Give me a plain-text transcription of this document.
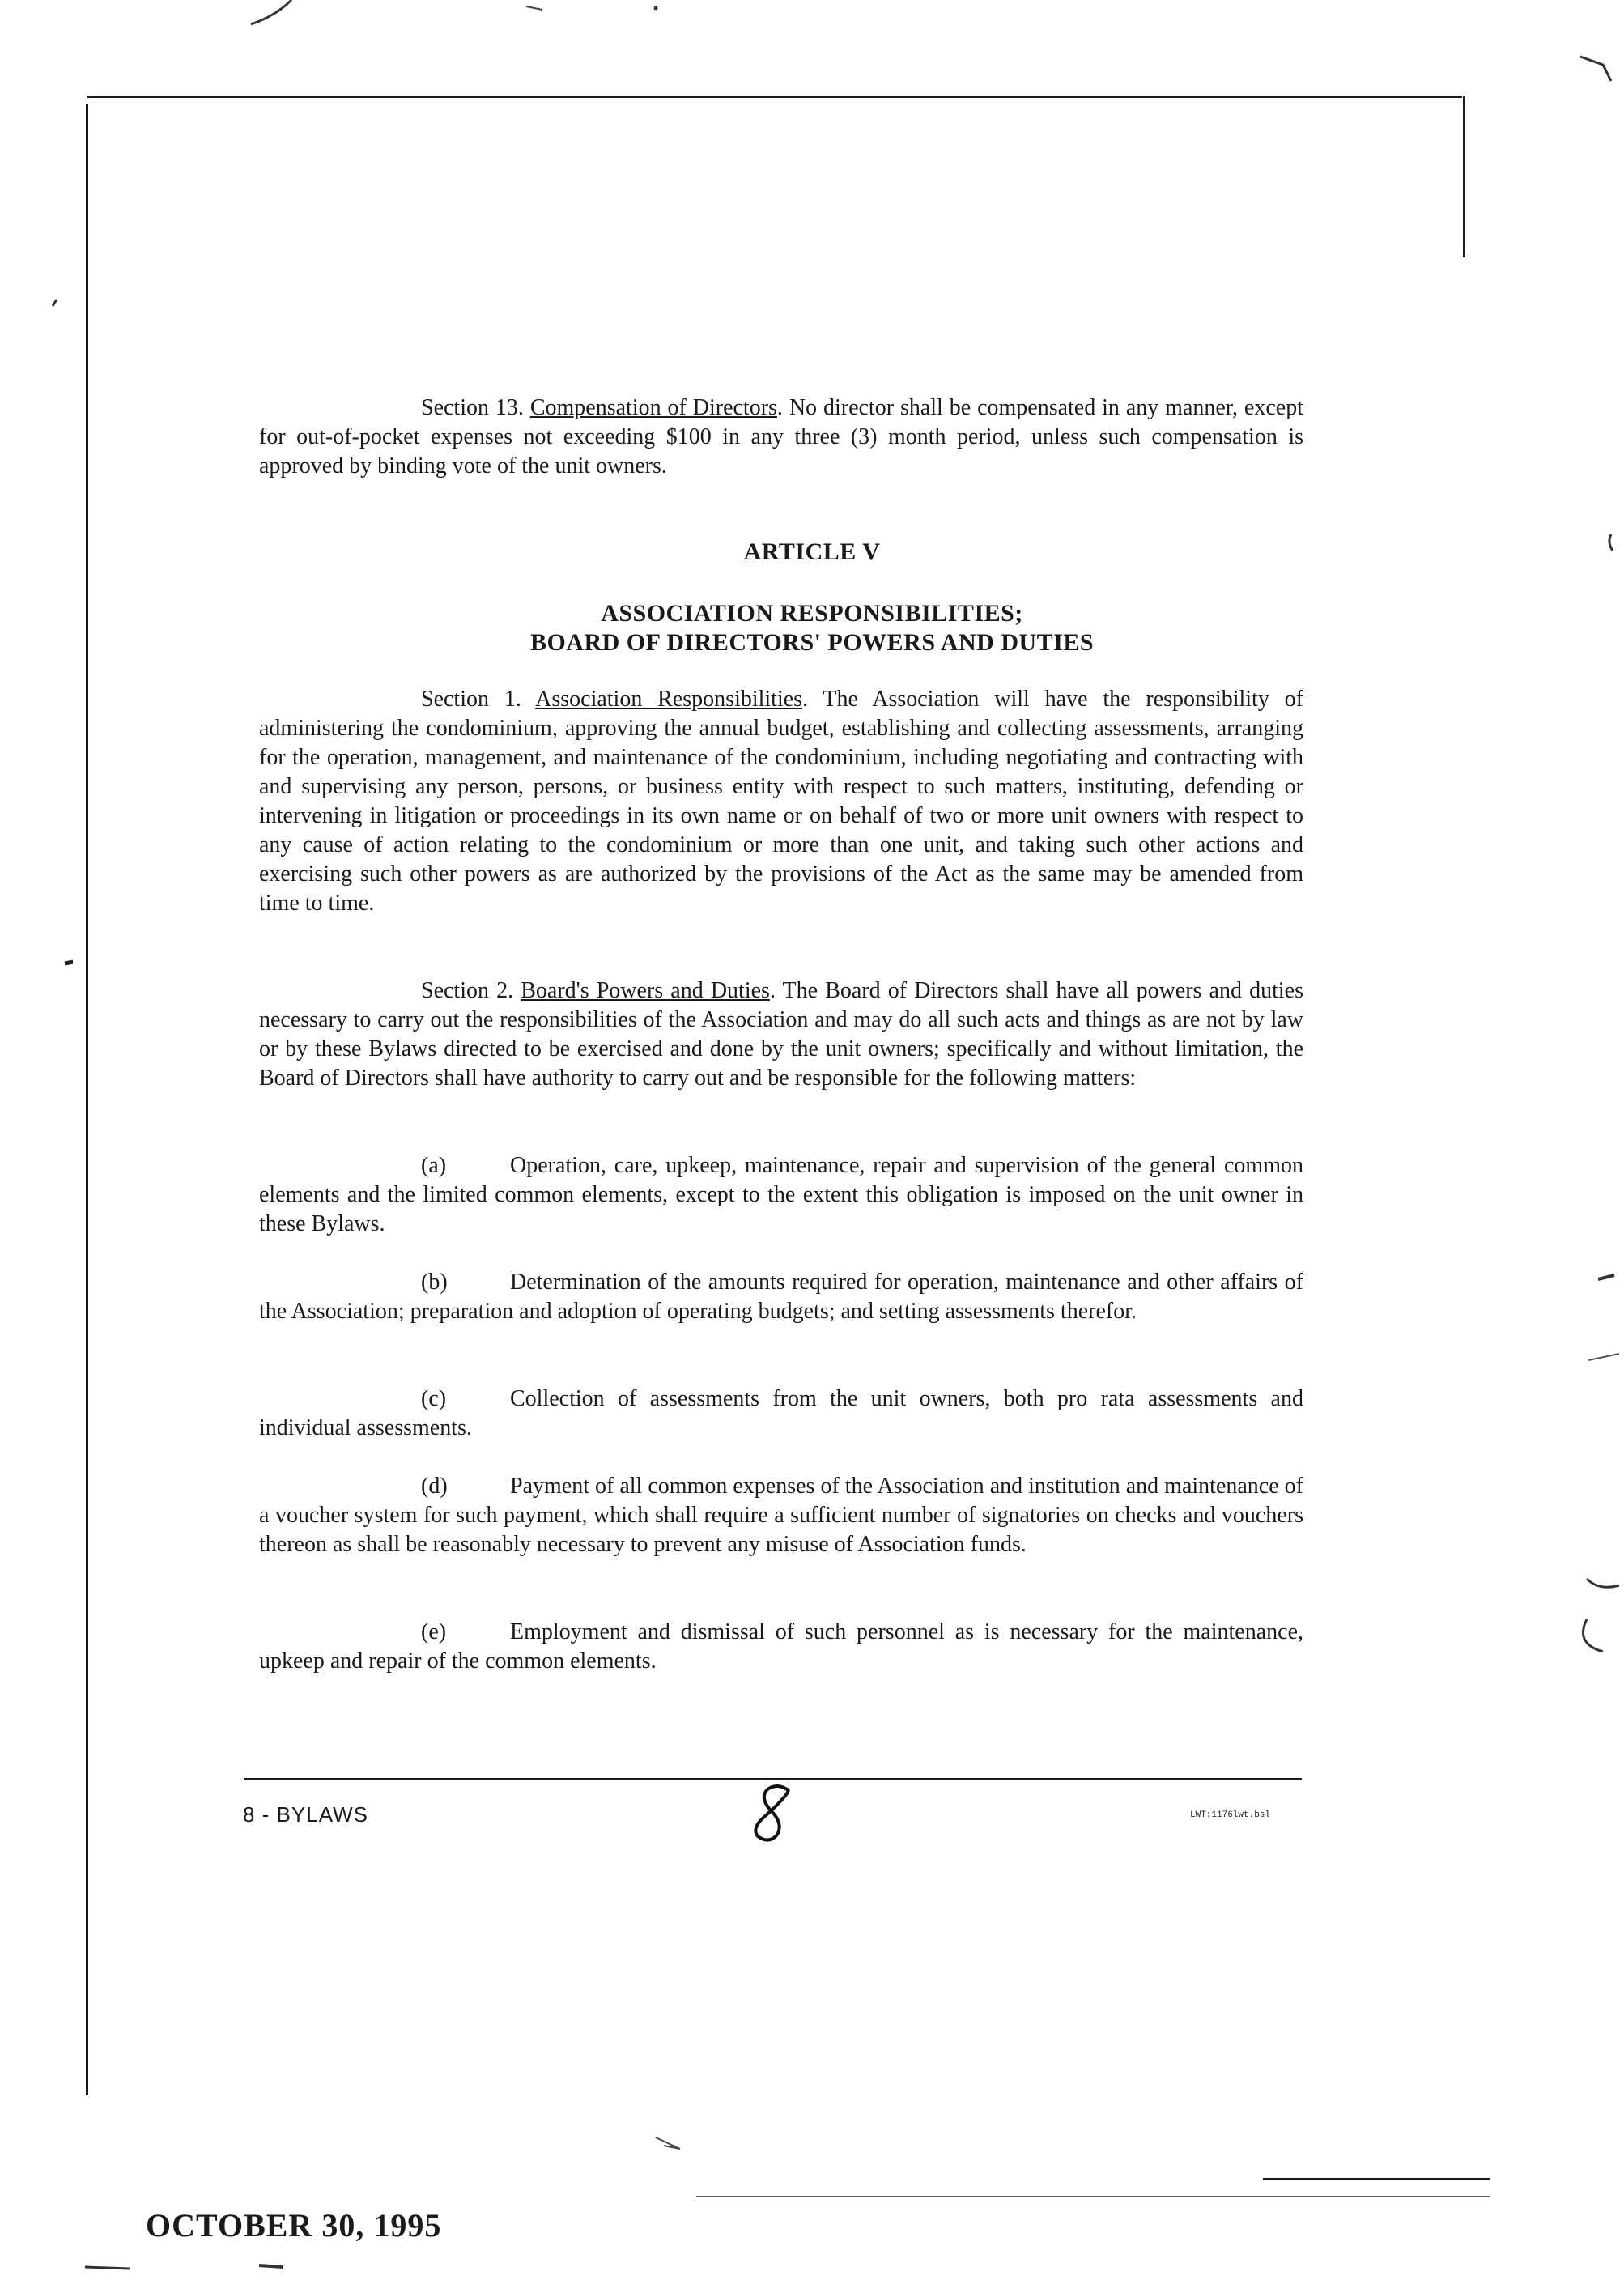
Section 13. Compensation of Directors. No director shall be compensated in any manner, except for out-of-pocket expenses not exceeding $100 in any three (3) month period, unless such compensation is approved by binding vote of the unit owners.
ARTICLE V
ASSOCIATION RESPONSIBILITIES;
BOARD OF DIRECTORS' POWERS AND DUTIES
Section 1. Association Responsibilities. The Association will have the responsibility of administering the condominium, approving the annual budget, establishing and collecting assessments, arranging for the operation, management, and maintenance of the condominium, including negotiating and contracting with and supervising any person, persons, or business entity with respect to such matters, instituting, defending or intervening in litigation or proceedings in its own name or on behalf of two or more unit owners with respect to any cause of action relating to the condominium or more than one unit, and taking such other actions and exercising such other powers as are authorized by the provisions of the Act as the same may be amended from time to time.
Section 2. Board's Powers and Duties. The Board of Directors shall have all powers and duties necessary to carry out the responsibilities of the Association and may do all such acts and things as are not by law or by these Bylaws directed to be exercised and done by the unit owners; specifically and without limitation, the Board of Directors shall have authority to carry out and be responsible for the following matters:
(a)	Operation, care, upkeep, maintenance, repair and supervision of the general common elements and the limited common elements, except to the extent this obligation is imposed on the unit owner in these Bylaws.
(b)	Determination of the amounts required for operation, maintenance and other affairs of the Association; preparation and adoption of operating budgets; and setting assessments therefor.
(c)	Collection of assessments from the unit owners, both pro rata assessments and individual assessments.
(d)	Payment of all common expenses of the Association and institution and maintenance of a voucher system for such payment, which shall require a sufficient number of signatories on checks and vouchers thereon as shall be reasonably necessary to prevent any misuse of Association funds.
(e)	Employment and dismissal of such personnel as is necessary for the maintenance, upkeep and repair of the common elements.
8 - BYLAWS	LWT:1176lwt.bsl
OCTOBER 30, 1995
